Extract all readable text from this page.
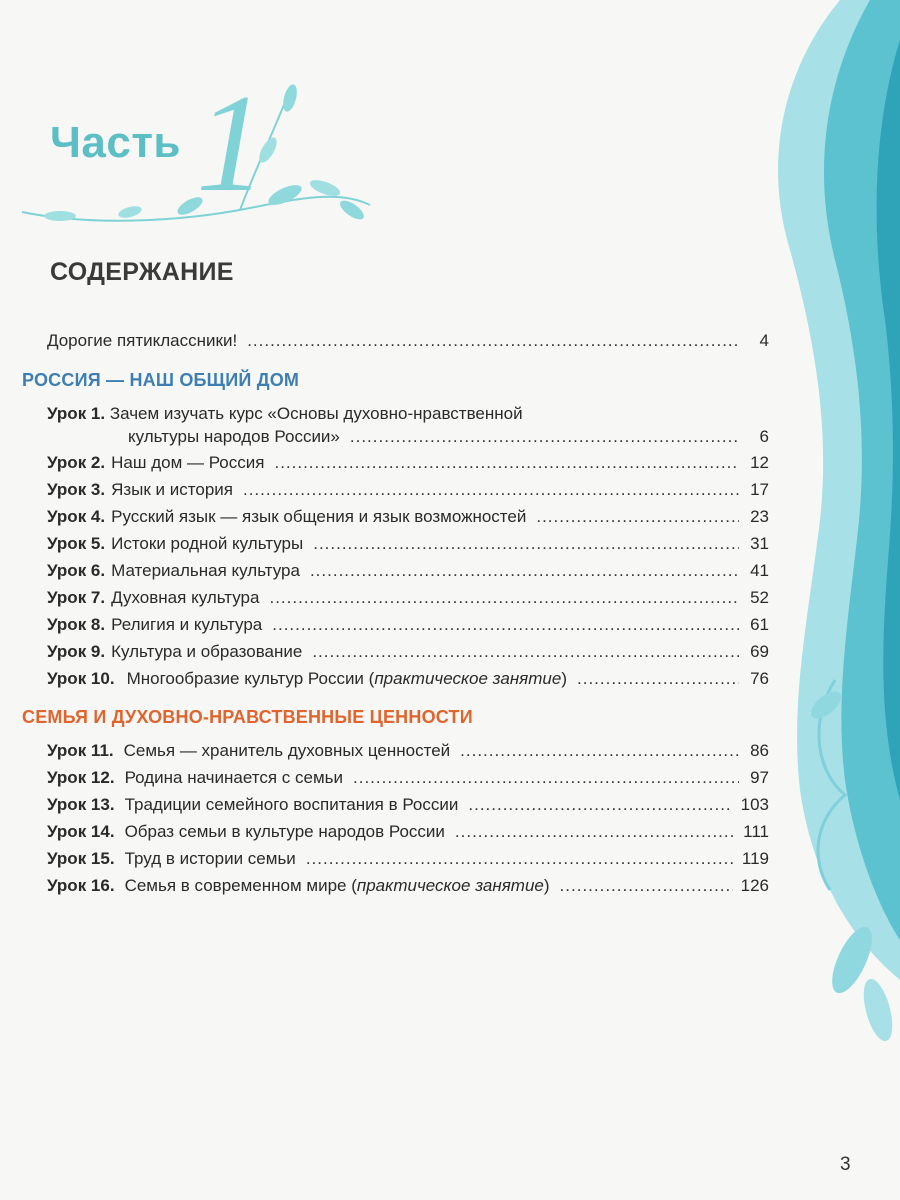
Часть 1
СОДЕРЖАНИЕ
Дорогие пятиклассники! .....	4
РОССИЯ — НАШ ОБЩИЙ ДОМ
Урок 1. Зачем изучать курс «Основы духовно-нравственной
культуры народов России» .....	6
Урок 2. Наш дом — Россия .....	12
Урок 3. Язык и история .....	17
Урок 4. Русский язык — язык общения и язык возможностей .....	23
Урок 5. Истоки родной культуры .....	31
Урок 6. Материальная культура .....	41
Урок 7. Духовная культура .....	52
Урок 8. Религия и культура .....	61
Урок 9. Культура и образование .....	69
Урок 10. Многообразие культур России (практическое занятие) .....	76
СЕМЬЯ И ДУХОВНО-НРАВСТВЕННЫЕ ЦЕННОСТИ
Урок 11. Семья — хранитель духовных ценностей .....	86
Урок 12. Родина начинается с семьи .....	97
Урок 13. Традиции семейного воспитания в России .....	103
Урок 14. Образ семьи в культуре народов России .....	111
Урок 15. Труд в истории семьи .....	119
Урок 16. Семья в современном мире (практическое занятие) .....	126
3
